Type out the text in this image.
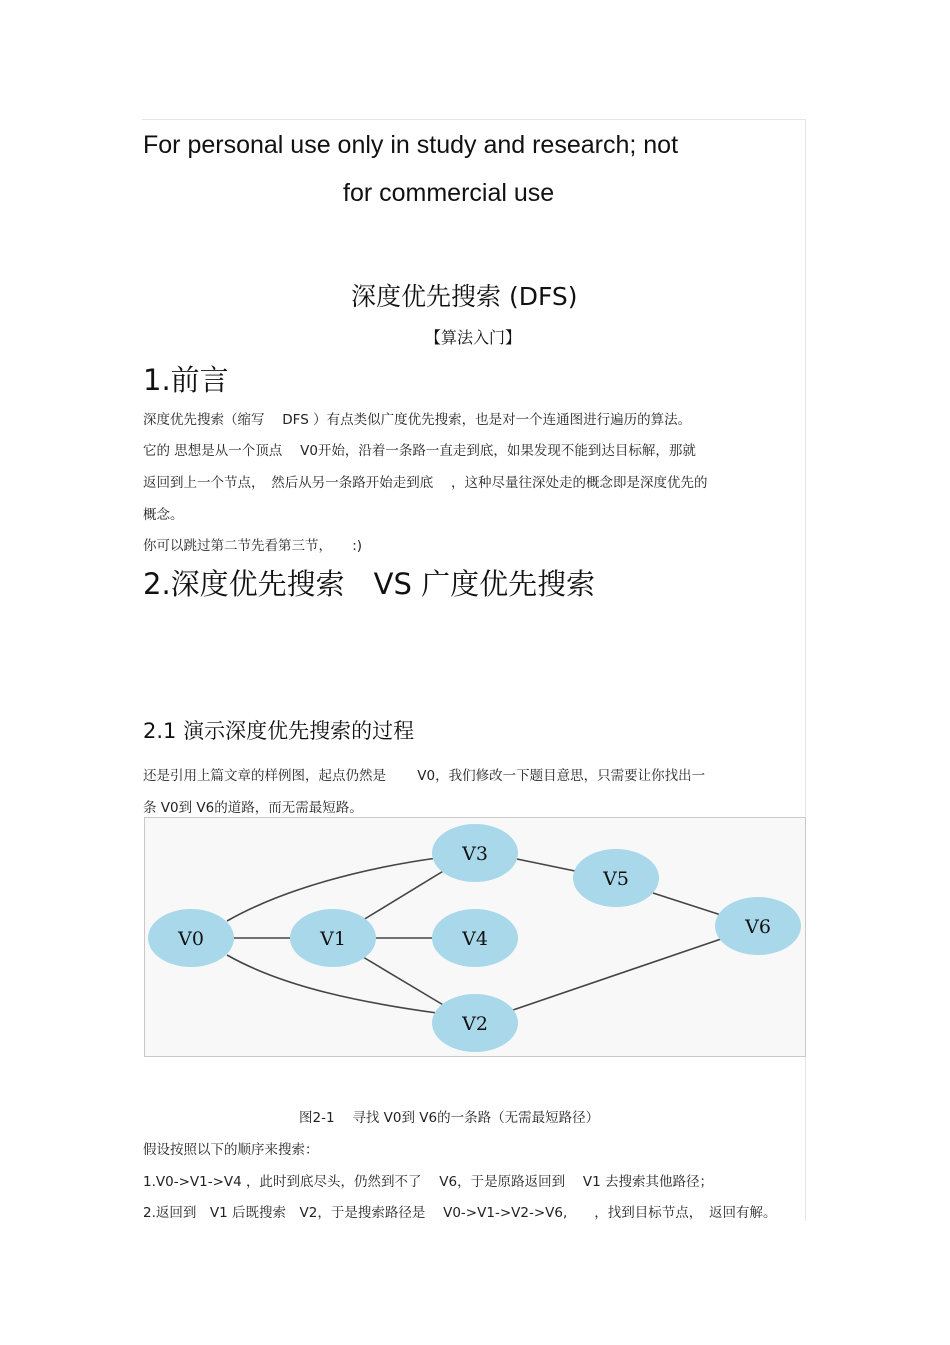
For personal use only in study and research; not
for commercial use
深度优先搜索 (DFS)
【算法入门】
1.前言
深度优先搜索（缩写　 DFS ）有点类似广度优先搜索，也是对一个连通图进行遍历的算法。
它的 思想是从一个顶点　 V0开始，沿着一条路一直走到底，如果发现不能到达目标解，那就
返回到上一个节点，　然后从另一条路开始走到底　 ，这种尽量往深处走的概念即是深度优先的
概念。
你可以跳过第二节先看第三节，　　:)
2.深度优先搜索　VS 广度优先搜索
2.1 演示深度优先搜索的过程
还是引用上篇文章的样例图，起点仍然是　　 V0，我们修改一下题目意思，只需要让你找出一
条 V0到 V6的道路，而无需最短路。
V0	V1
V2
V3
V4
V5
V6
图2-1　 寻找 V0到 V6的一条路（无需最短路径）
假设按照以下的顺序来搜索：
1.V0->V1->V4 ，此时到底尽头，仍然到不了　 V6，于是原路返回到　 V1 去搜索其他路径；
2.返回到　V1 后既搜索　V2，于是搜索路径是　 V0->V1->V2->V6,　　，找到目标节点，　返回有解。
